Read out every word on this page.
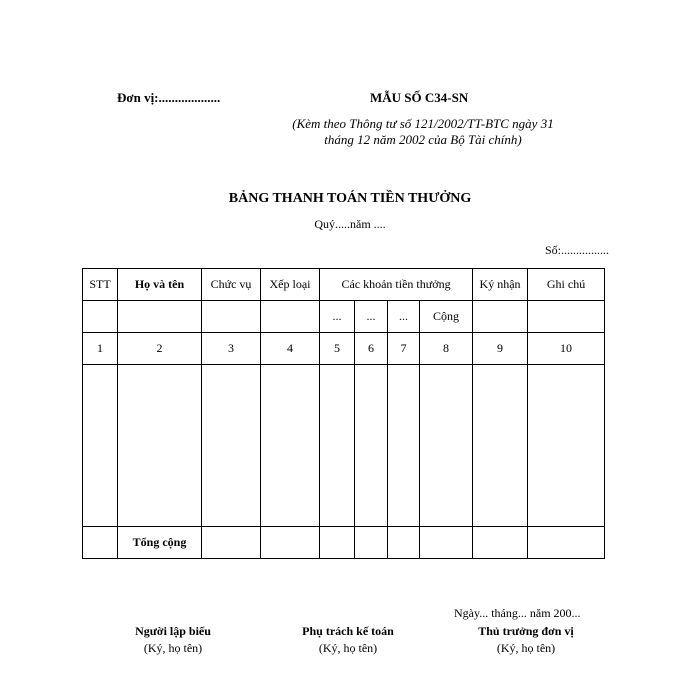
Đơn vị:...................	MẪU SỐ C34-SN
(Kèm theo Thông tư số 121/2002/TT-BTC ngày 31
tháng 12 năm 2002 của Bộ Tài chính)
BẢNG THANH TOÁN TIỀN THƯỞNG
Quý.....năm ....
Số:................
STT	Họ và tên	Chức vụ	Xếp loại	Các khoản tiền thưởng				Ký nhận	Ghi chú
				...	...	...	Cộng		
1	2	3	4	5	6	7	8	9	10

	Tổng cộng								
Ngày... tháng... năm 200...
Người lập biểu
(Ký, họ tên)
Phụ trách kế toán
(Ký, họ tên)
Thủ trưởng đơn vị
(Ký, họ tên)
